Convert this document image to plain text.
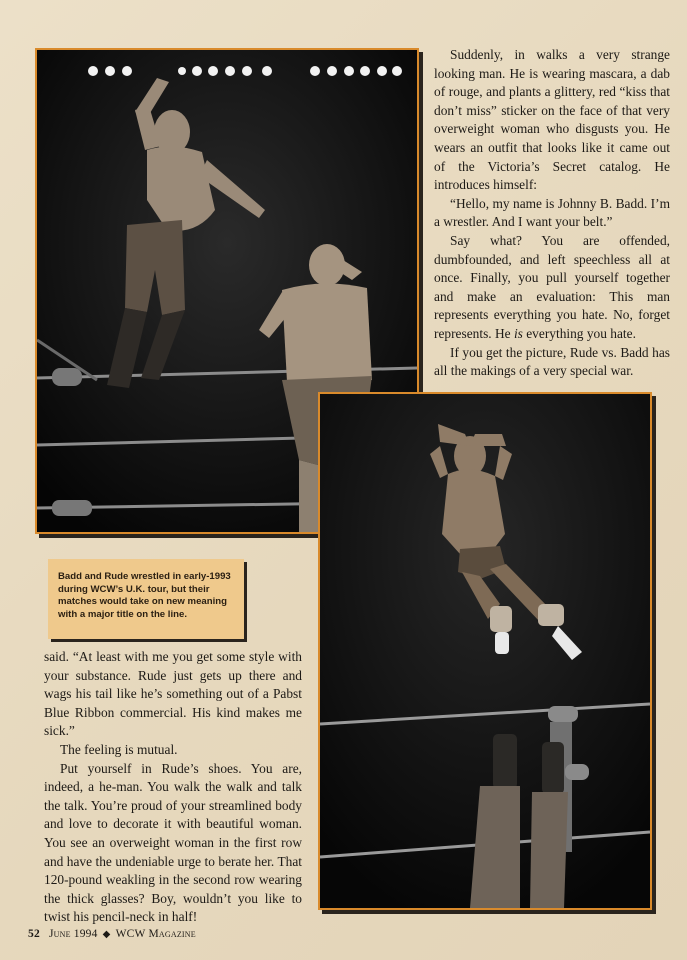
Suddenly, in walks a very strange looking man. He is wearing mascara, a dab of rouge, and plants a glittery, red “kiss that don’t miss” sticker on the face of that very overweight woman who disgusts you. He wears an outfit that looks like it came out of the Victoria’s Secret catalog. He introduces himself:

“Hello, my name is Johnny B. Badd. I’m a wrestler. And I want your belt.”

Say what? You are offended, dumbfounded, and left speechless all at once. Finally, you pull yourself together and make an evaluation: This man represents everything you hate. No, forget represents. He is everything you hate.

If you get the picture, Rude vs. Badd has all the makings of a very special war.

Badd and Rude wrestled in early-1993 during WCW’s U.K. tour, but their matches would take on new meaning with a major title on the line.

said. “At least with me you get some style with your substance. Rude just gets up there and wags his tail like he’s something out of a Pabst Blue Ribbon commercial. His kind makes me sick.”

The feeling is mutual.

Put yourself in Rude’s shoes. You are, indeed, a he-man. You walk the walk and talk the talk. You’re proud of your streamlined body and love to decorate it with beautiful woman. You see an overweight woman in the first row and have the undeniable urge to berate her. That 120-pound weakling in the second row wearing the thick glasses? Boy, wouldn’t you like to twist his pencil-neck in half!

52 June 1994 ◆ WCW Magazine
